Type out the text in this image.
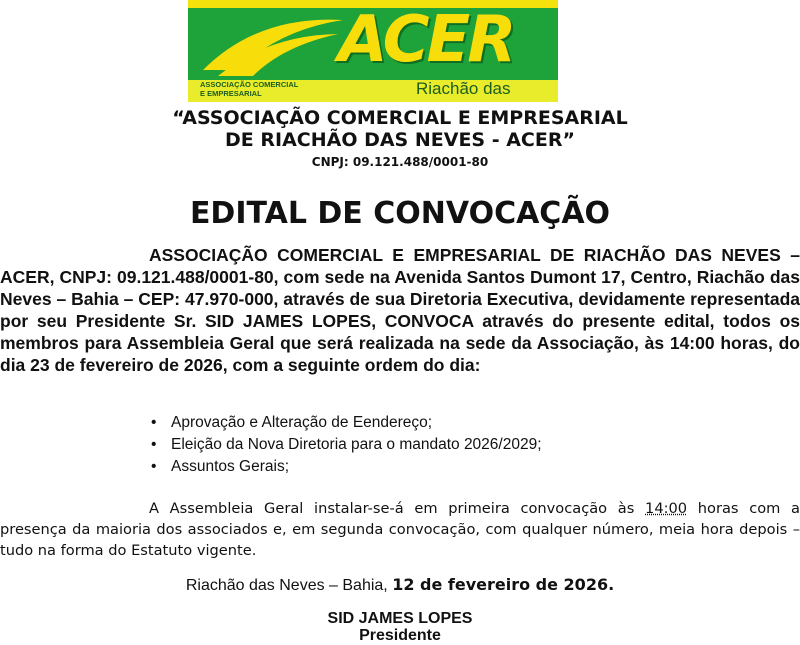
ACER
ASSOCIAÇÃO COMERCIAL
E EMPRESARIAL	Riachão das
“ASSOCIAÇÃO COMERCIAL E EMPRESARIAL
DE RIACHÃO DAS NEVES - ACER”
CNPJ: 09.121.488/0001-80
EDITAL DE CONVOCAÇÃO

ASSOCIAÇÃO COMERCIAL E EMPRESARIAL DE RIACHÃO DAS NEVES – ACER, CNPJ: 09.121.488/0001-80, com sede na Avenida Santos Dumont 17, Centro, Riachão das Neves – Bahia – CEP: 47.970-000, através de sua Diretoria Executiva, devidamente representada por seu Presidente Sr. SID JAMES LOPES, CONVOCA através do presente edital, todos os membros para Assembleia Geral que será realizada na sede da Associação, às 14:00 horas, do dia 23 de fevereiro de 2026, com a seguinte ordem do dia:

• Aprovação e Alteração de Eendereço;
• Eleição da Nova Diretoria para o mandato 2026/2029;
• Assuntos Gerais;

A Assembleia Geral instalar-se-á em primeira convocação às 14:00 horas com a presença da maioria dos associados e, em segunda convocação, com qualquer número, meia hora depois – tudo na forma do Estatuto vigente.

Riachão das Neves – Bahia, 12 de fevereiro de 2026.
SID JAMES LOPES
Presidente
